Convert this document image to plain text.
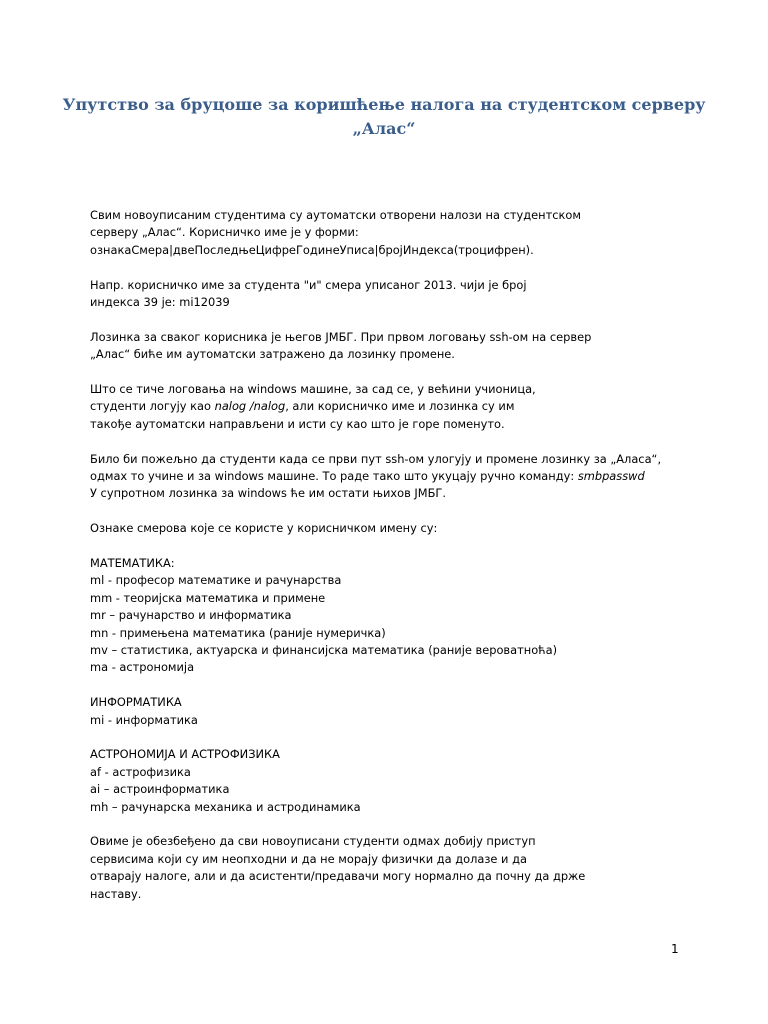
Упутство за бруцоше за коришћење налога на студентском серверу
„Алас“
Свим новоуписаним студентима су аутоматски отворени налози на студентском
серверу „Алас“. Корисничко име је у форми:
ознакаСмера|двеПоследњеЦифреГодинеУписа|бројИндекса(троцифрен).
Напр. корисничко име за студента "и" смера уписаног 2013. чији је број
индекса 39 је: mi12039
Лозинка за сваког корисника је његов ЈМБГ. При првом логовању ssh-ом на сервер
„Алас“ биће им аутоматски затражено да лозинку промене.
Што се тиче логовања на windows машине, за сад се, у већини учионица,
студенти логују као nalog /nalog, али корисничко име и лозинка су им
такође аутоматски направљени и исти су као што је горе поменуто.
Било би пожељно да студенти када се први пут ssh-ом улогују и промене лозинку за „Аласа“,
одмах то учине и за windows машине. То раде тако што укуцају ручно команду: smbpasswd
У супротном лозинка за windows ће им остати њихов ЈМБГ.
Ознаке смерова које се користе у корисничком имену су:
МАТЕМАТИКА:
ml - професор математике и рачунарства
mm - теоријска математика и примене
mr – рачунарство и информатика
mn - примењена математика (раније нумеричка)
mv – статистика, актуарска и финансијска математика (раније вероватноћа)
ma - астрономија
ИНФОРМАТИКА
mi - информатика
АСТРОНОМИЈА И АСТРОФИЗИКА
af - астрофизика
ai – астроинформатика
mh – рачунарска механика и астродинамика
Овиме је обезбеђено да сви новоуписани студенти одмах добију приступ
сервисима који су им неопходни и да не морају физички да долазе и да
отварају налоге, али и да асистенти/предавачи могу нормално да почну да држе
наставу.
1
